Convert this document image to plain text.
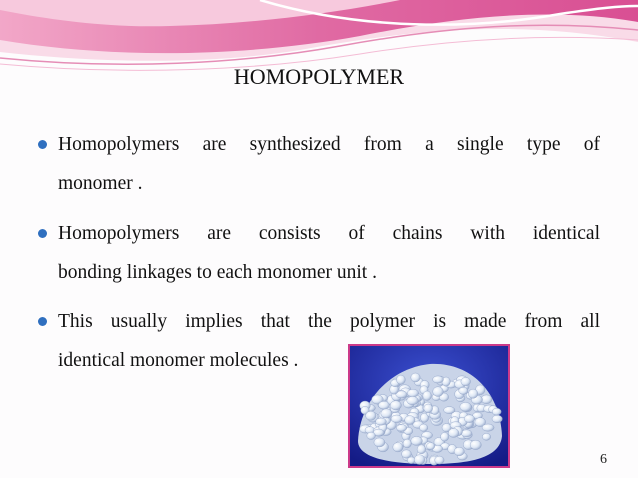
HOMOPOLYMER
Homopolymers are synthesized from a single type of
monomer .
Homopolymers are consists of chains with identical
bonding linkages to each monomer unit .
This usually implies that the polymer is made from all
identical monomer molecules .
6
